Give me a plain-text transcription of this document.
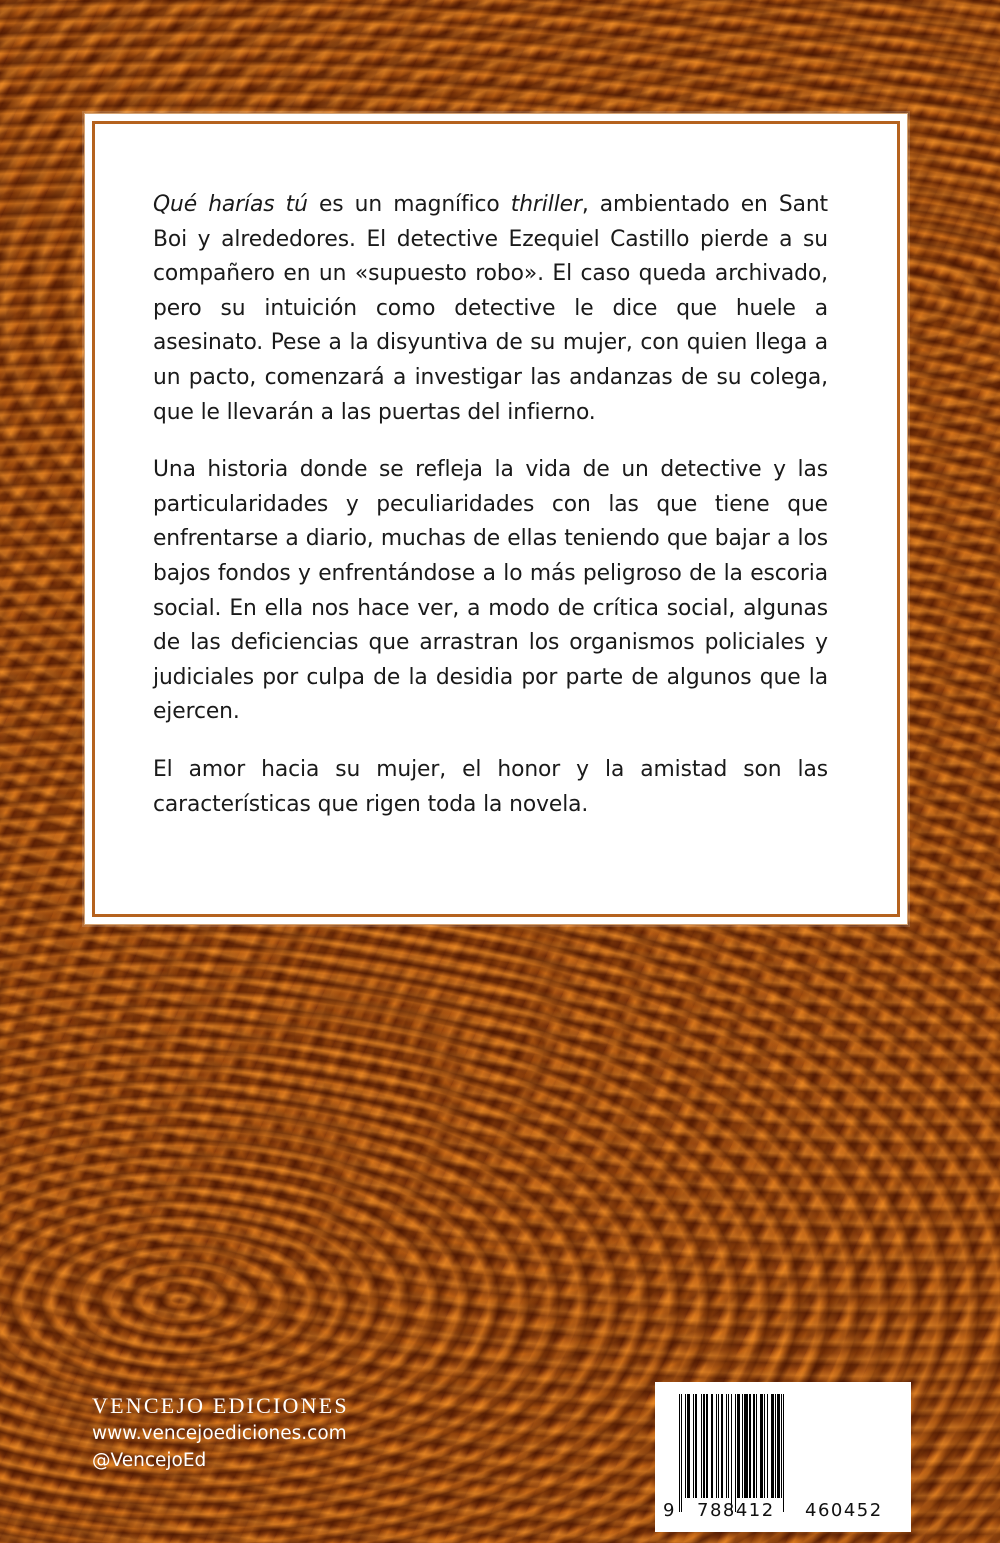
Qué harías tú es un magnífico thriller, ambientado en Sant Boi y alrededores. El detective Ezequiel Castillo pierde a su compañero en un «supuesto robo». El caso queda archivado, pero su intuición como detective le dice que huele a asesinato. Pese a la disyuntiva de su mujer, con quien llega a un pacto, comenzará a investigar las andanzas de su colega, que le llevarán a las puertas del infierno.

Una historia donde se refleja la vida de un detective y las particularidades y peculiaridades con las que tiene que enfrentarse a diario, muchas de ellas teniendo que bajar a los bajos fondos y enfrentándose a lo más peligroso de la escoria social. En ella nos hace ver, a modo de crítica social, algunas de las deficiencias que arrastran los organismos policiales y judiciales por culpa de la desidia por parte de algunos que la ejercen.

El amor hacia su mujer, el honor y la amistad son las características que rigen toda la novela.

VENCEJO EDICIONES
www.vencejoediciones.com
@VencejoEd
9 788412 460452
